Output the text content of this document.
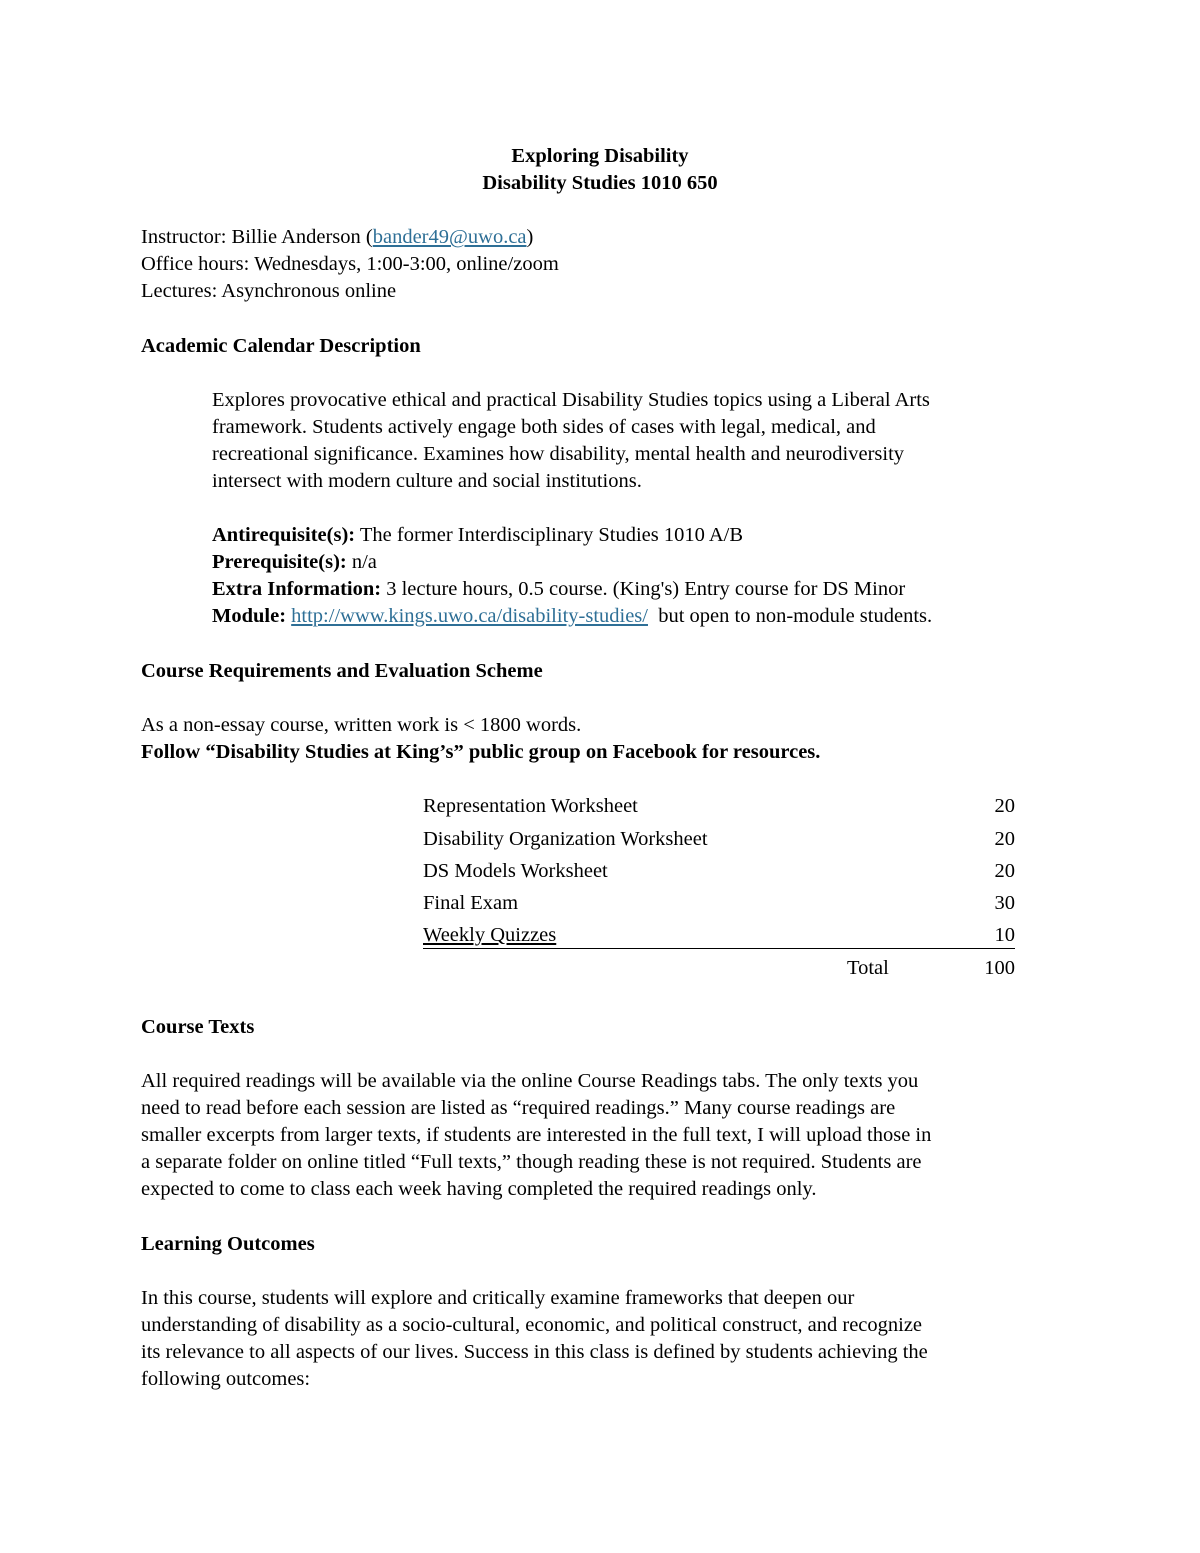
Exploring Disability
Disability Studies 1010 650
Instructor: Billie Anderson (bander49@uwo.ca)
Office hours: Wednesdays, 1:00-3:00, online/zoom
Lectures: Asynchronous online
Academic Calendar Description
Explores provocative ethical and practical Disability Studies topics using a Liberal Arts
framework. Students actively engage both sides of cases with legal, medical, and
recreational significance. Examines how disability, mental health and neurodiversity
intersect with modern culture and social institutions.
Antirequisite(s): The former Interdisciplinary Studies 1010 A/B
Prerequisite(s): n/a
Extra Information: 3 lecture hours, 0.5 course. (King's) Entry course for DS Minor
Module: http://www.kings.uwo.ca/disability-studies/  but open to non-module students.
Course Requirements and Evaluation Scheme
As a non-essay course, written work is < 1800 words.
Follow “Disability Studies at King’s” public group on Facebook for resources.
Representation Worksheet	20
Disability Organization Worksheet	20
DS Models Worksheet	20
Final Exam	30
Weekly Quizzes	10
Total	100
Course Texts
All required readings will be available via the online Course Readings tabs. The only texts you
need to read before each session are listed as “required readings.” Many course readings are
smaller excerpts from larger texts, if students are interested in the full text, I will upload those in
a separate folder on online titled “Full texts,” though reading these is not required. Students are
expected to come to class each week having completed the required readings only.
Learning Outcomes
In this course, students will explore and critically examine frameworks that deepen our
understanding of disability as a socio-cultural, economic, and political construct, and recognize
its relevance to all aspects of our lives. Success in this class is defined by students achieving the
following outcomes:
